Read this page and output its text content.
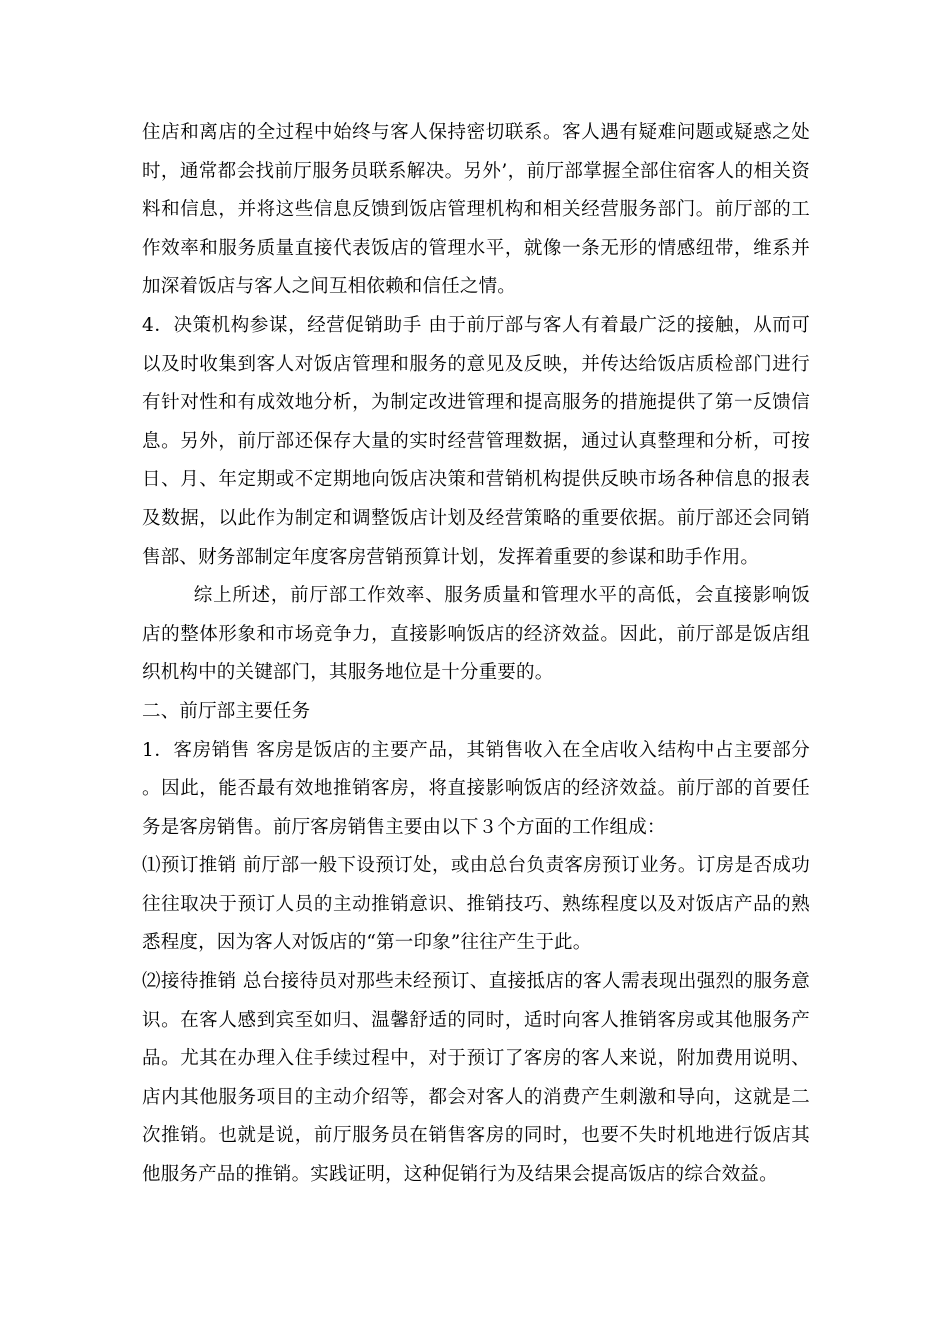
住店和离店的全过程中始终与客人保持密切联系。客人遇有疑难问题或疑惑之处时，通常都会找前厅服务员联系解决。另外’，前厅部掌握全部住宿客人的相关资料和信息，并将这些信息反馈到饭店管理机构和相关经营服务部门。前厅部的工作效率和服务质量直接代表饭店的管理水平，就像一条无形的情感纽带，维系并加深着饭店与客人之间互相依赖和信任之情。

4．决策机构参谋，经营促销助手 由于前厅部与客人有着最广泛的接触，从而可以及时收集到客人对饭店管理和服务的意见及反映，并传达给饭店质检部门进行有针对性和有成效地分析，为制定改进管理和提高服务的措施提供了第一反馈信息。另外，前厅部还保存大量的实时经营管理数据，通过认真整理和分析，可按日、月、年定期或不定期地向饭店决策和营销机构提供反映市场各种信息的报表及数据，以此作为制定和调整饭店计划及经营策略的重要依据。前厅部还会同销售部、财务部制定年度客房营销预算计划，发挥着重要的参谋和助手作用。

综上所述，前厅部工作效率、服务质量和管理水平的高低，会直接影响饭店的整体形象和市场竞争力，直接影响饭店的经济效益。因此，前厅部是饭店组织机构中的关键部门，其服务地位是十分重要的。

二、前厅部主要任务

1．客房销售 客房是饭店的主要产品，其销售收入在全店收入结构中占主要部分。因此，能否最有效地推销客房，将直接影响饭店的经济效益。前厅部的首要任务是客房销售。前厅客房销售主要由以下３个方面的工作组成：

⑴预订推销 前厅部一般下设预订处，或由总台负责客房预订业务。订房是否成功往往取决于预订人员的主动推销意识、推销技巧、熟练程度以及对饭店产品的熟悉程度，因为客人对饭店的“第一印象”往往产生于此。

⑵接待推销 总台接待员对那些未经预订、直接抵店的客人需表现出强烈的服务意识。在客人感到宾至如归、温馨舒适的同时，适时向客人推销客房或其他服务产品。尤其在办理入住手续过程中，对于预订了客房的客人来说，附加费用说明、店内其他服务项目的主动介绍等，都会对客人的消费产生刺激和导向，这就是二次推销。也就是说，前厅服务员在销售客房的同时，也要不失时机地进行饭店其他服务产品的推销。实践证明，这种促销行为及结果会提高饭店的综合效益。
